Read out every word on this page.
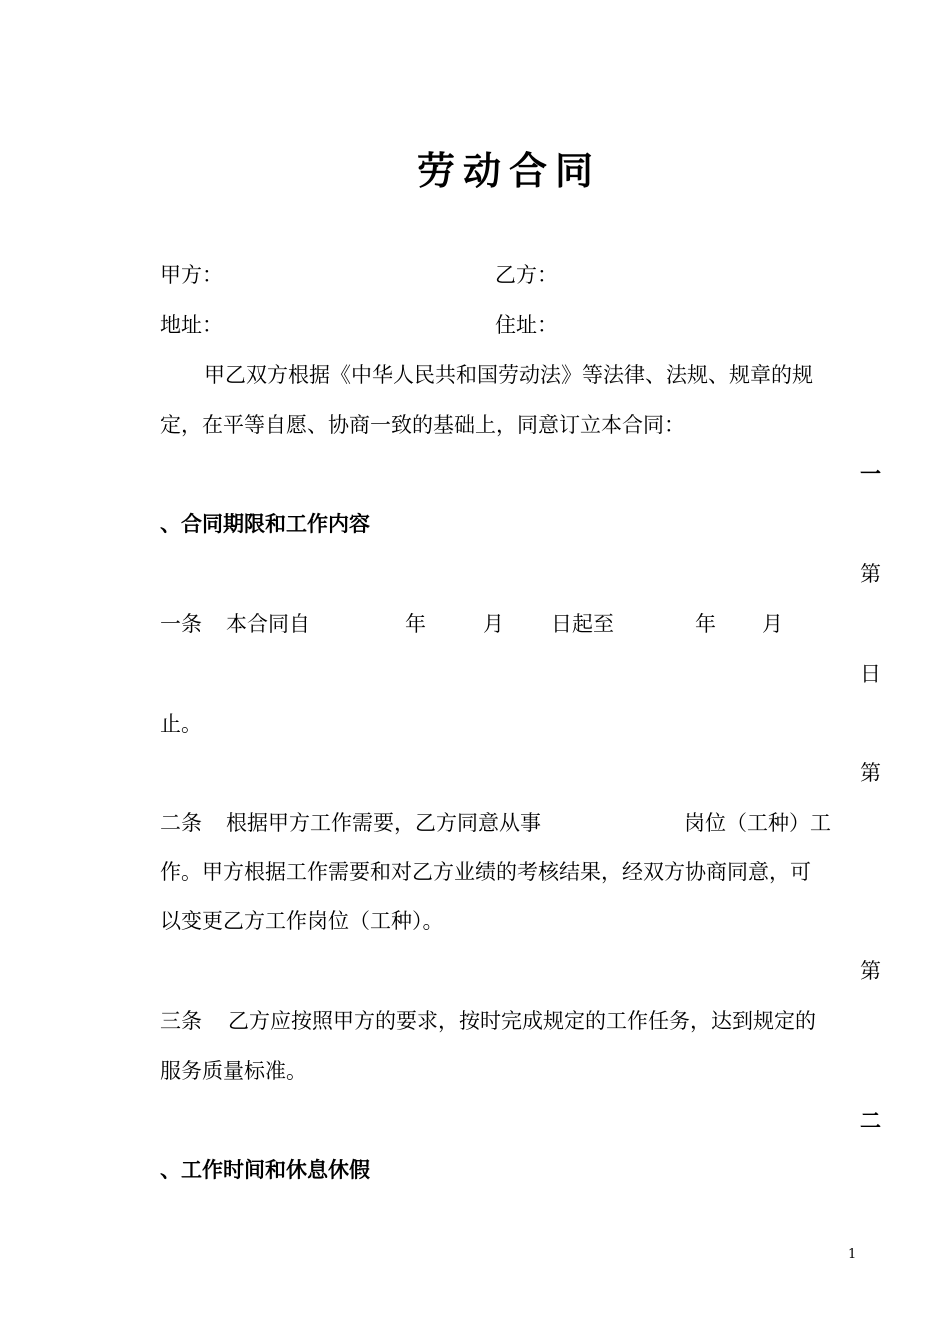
劳动合同
甲方：	乙方：
地址：	住址：
甲乙双方根据《中华人民共和国劳动法》等法律、法规、规章的规
定，在平等自愿、协商一致的基础上，同意订立本合同：
一
、合同期限和工作内容
第
一条 本合同自	年	月 日起至	年 月
日
止。
第
二条 根据甲方工作需要，乙方同意从事	岗位（工种）工
作。甲方根据工作需要和对乙方业绩的考核结果，经双方协商同意，可
以变更乙方工作岗位（工种）。
第
三条 乙方应按照甲方的要求，按时完成规定的工作任务，达到规定的
服务质量标准。
二
、工作时间和休息休假
1
